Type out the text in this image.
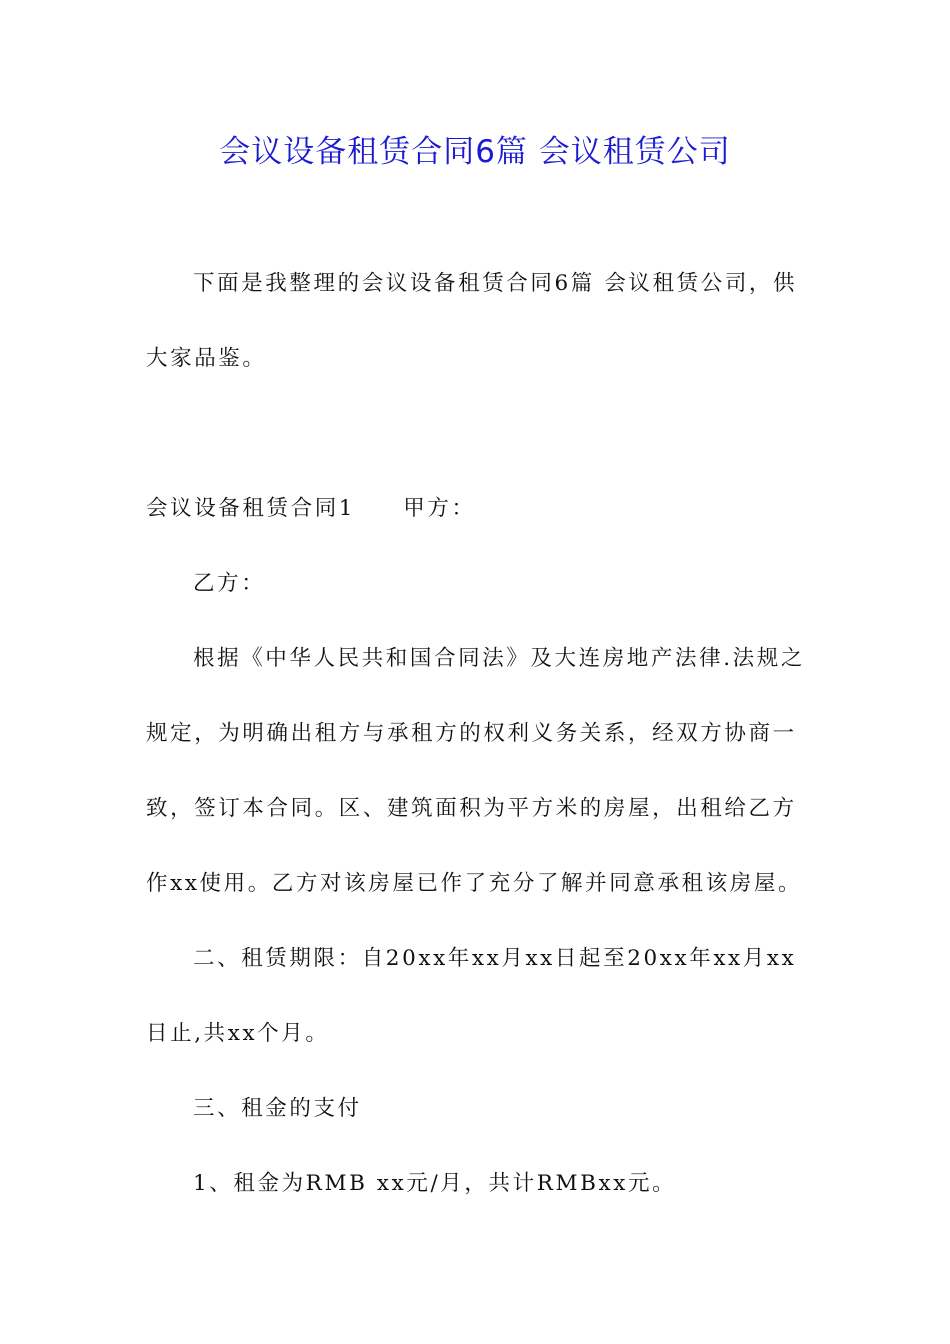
会议设备租赁合同6篇 会议租赁公司
下面是我整理的会议设备租赁合同6篇 会议租赁公司，供
大家品鉴。
会议设备租赁合同1　　甲方：
乙方：
根据《中华人民共和国合同法》及大连房地产法律.法规之
规定，为明确出租方与承租方的权利义务关系，经双方协商一
致，签订本合同。区、建筑面积为平方米的房屋，出租给乙方
作xx使用。乙方对该房屋已作了充分了解并同意承租该房屋。
二、租赁期限：自20xx年xx月xx日起至20xx年xx月xx
日止,共xx个月。
三、租金的支付
1、租金为RMB xx元/月，共计RMBxx元。
